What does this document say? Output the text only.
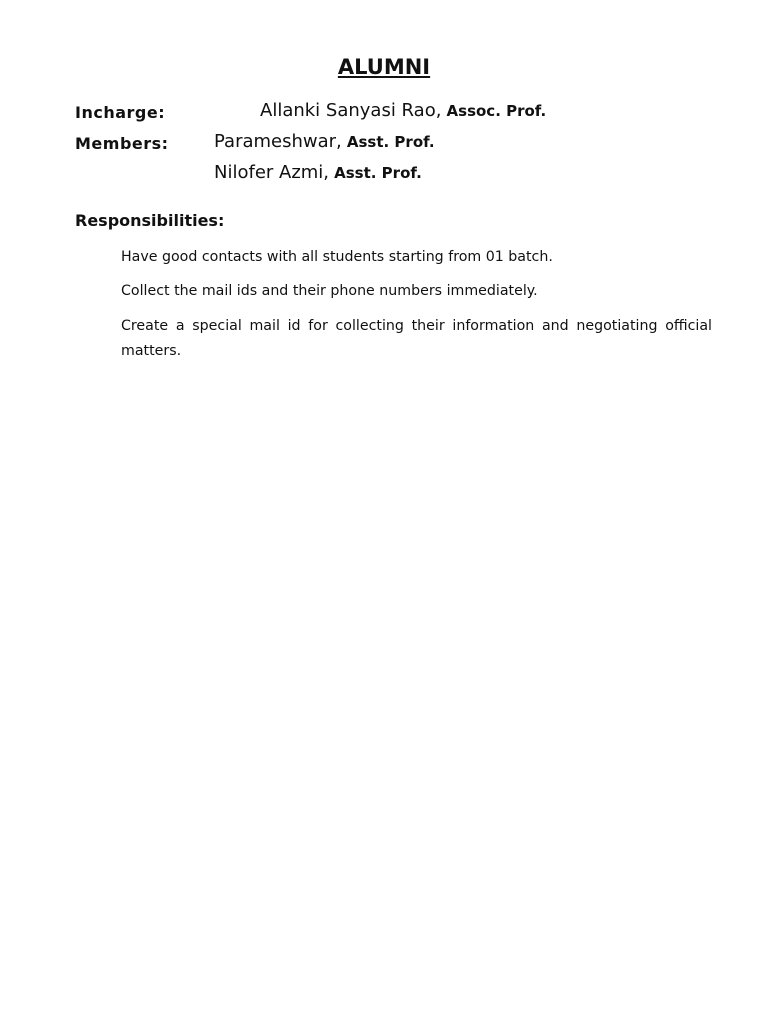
ALUMNI
Incharge:	Allanki Sanyasi Rao, Assoc. Prof.
Members:	Parameshwar, Asst. Prof.
Nilofer Azmi, Asst. Prof.
Responsibilities:

Have good contacts with all students starting from 01 batch.

Collect the mail ids and their phone numbers immediately.

Create a special mail id for collecting their information and negotiating official matters.
